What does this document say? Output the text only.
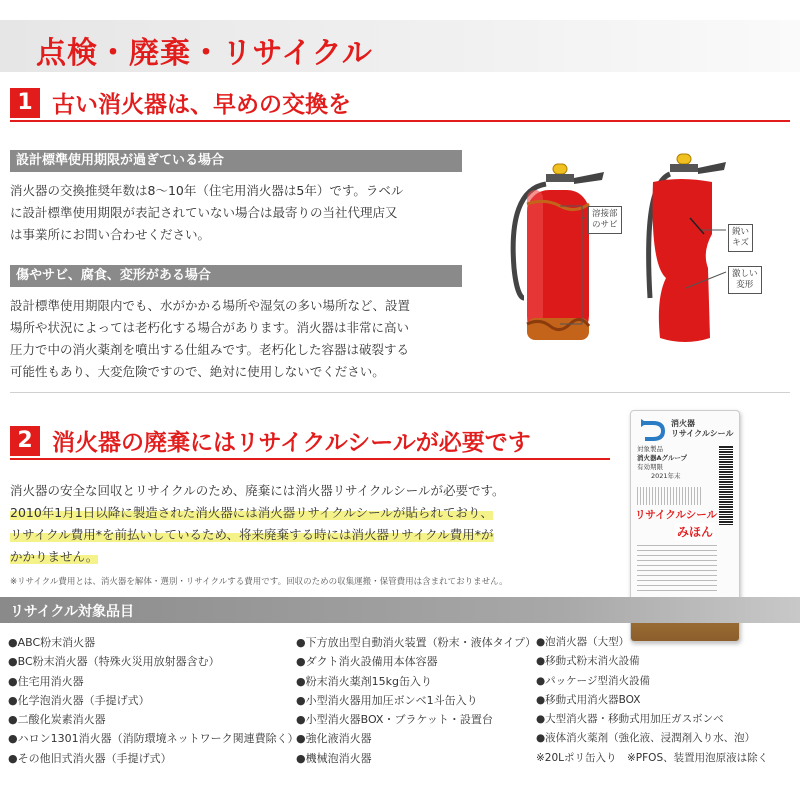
点検・廃棄・リサイクル
1 古い消火器は、早めの交換を
設計標準使用期限が過ぎている場合
消火器の交換推奨年数は8～10年（住宅用消火器は5年）です。ラベル
に設計標準使用期限が表記されていない場合は最寄りの当社代理店又
は事業所にお問い合わせください。
傷やサビ、腐食、変形がある場合
設計標準使用期限内でも、水がかかる場所や湿気の多い場所など、設置
場所や状況によっては老朽化する場合があります。消火器は非常に高い
圧力で中の消火薬剤を噴出する仕組みです。老朽化した容器は破裂する
可能性もあり、大変危険ですので、絶対に使用しないでください。
溶接部
のサビ
鋭い
キズ
激しい
変形
2 消火器の廃棄にはリサイクルシールが必要です
消火器の安全な回収とリサイクルのため、廃棄には消火器リサイクルシールが必要です。
2010年1月1日以降に製造された消火器には消火器リサイクルシールが貼られており、
リサイクル費用*を前払いしているため、将来廃棄する時には消火器リサイクル費用*が
かかりません。
※リサイクル費用とは、消火器を解体・選別・リサイクルする費用です。回収のための収集運搬・保管費用は含まれておりません。
消火器
リサイクルシール
対象製品
消火器Aグループ
有効期限
2021年末
リサイクルシール
みほん
リサイクル対象品目
●ABC粉末消火器
●BC粉末消火器（特殊火災用放射器含む）
●住宅用消火器
●化学泡消火器（手提げ式）
●二酸化炭素消火器
●ハロン1301消火器（消防環境ネットワーク関連費除く）
●その他旧式消火器（手提げ式）
●下方放出型自動消火装置（粉末・液体タイプ）
●ダクト消火設備用本体容器
●粉末消火薬剤15kg缶入り
●小型消火器用加圧ボンベ1斗缶入り
●小型消火器BOX・ブラケット・設置台
●強化液消火器
●機械泡消火器
●泡消火器（大型）
●移動式粉末消火設備
●パッケージ型消火設備
●移動式用消火器BOX
●大型消火器・移動式用加圧ガスボンベ
●液体消火薬剤（強化液、浸潤剤入り水、泡）
※20Lポリ缶入り　※PFOS、装置用泡原液は除く
